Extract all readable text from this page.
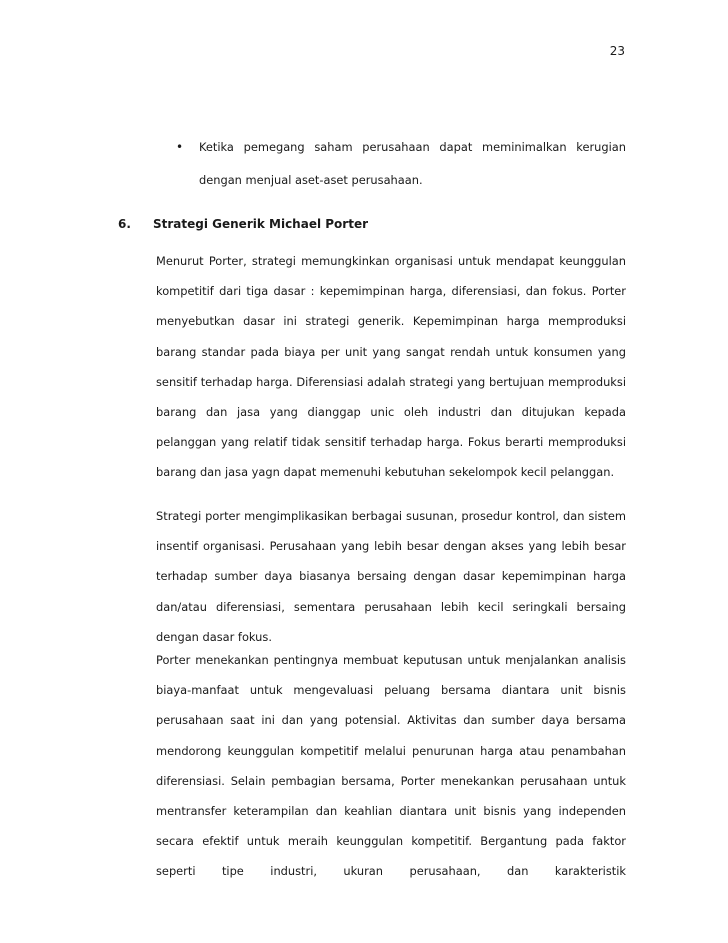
23
• Ketika pemegang saham perusahaan dapat meminimalkan kerugian dengan menjual aset-aset perusahaan.
6. Strategi Generik Michael Porter

Menurut Porter, strategi memungkinkan organisasi untuk mendapat keunggulan kompetitif dari tiga dasar : kepemimpinan harga, diferensiasi, dan fokus. Porter menyebutkan dasar ini strategi generik. Kepemimpinan harga memproduksi barang standar pada biaya per unit yang sangat rendah untuk konsumen yang sensitif terhadap harga. Diferensiasi adalah strategi yang bertujuan memproduksi barang dan jasa yang dianggap unic oleh industri dan ditujukan kepada pelanggan yang relatif tidak sensitif terhadap harga. Fokus berarti memproduksi barang dan jasa yagn dapat memenuhi kebutuhan sekelompok kecil pelanggan.

Strategi porter mengimplikasikan berbagai susunan, prosedur kontrol, dan sistem insentif organisasi. Perusahaan yang lebih besar dengan akses yang lebih besar terhadap sumber daya biasanya bersaing dengan dasar kepemimpinan harga dan/atau diferensiasi, sementara perusahaan lebih kecil seringkali bersaing dengan dasar fokus.

Porter menekankan pentingnya membuat keputusan untuk menjalankan analisis biaya-manfaat untuk mengevaluasi peluang bersama diantara unit bisnis perusahaan saat ini dan yang potensial. Aktivitas dan sumber daya bersama mendorong keunggulan kompetitif melalui penurunan harga atau penambahan diferensiasi. Selain pembagian bersama, Porter menekankan perusahaan untuk mentransfer keterampilan dan keahlian diantara unit bisnis yang independen secara efektif untuk meraih keunggulan kompetitif. Bergantung pada faktor seperti tipe industri, ukuran perusahaan, dan karakteristik
